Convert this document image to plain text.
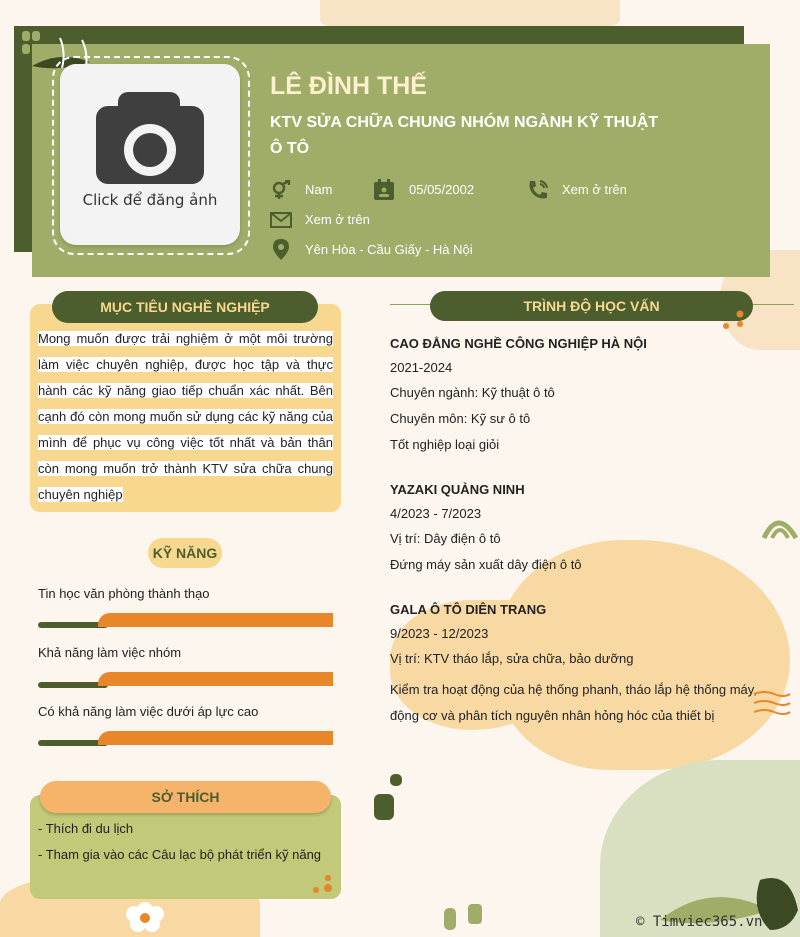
Click để đăng ảnh
LÊ ĐÌNH THẾ
KTV SỬA CHỮA CHUNG NHÓM NGÀNH KỸ THUẬT Ô TÔ
Nam	05/05/2002	Xem ở trên
Xem ở trên
Yên Hòa - Cầu Giấy - Hà Nội
MỤC TIÊU NGHỀ NGHIỆP
Mong muốn được trải nghiệm ở một môi trường làm việc chuyên nghiệp, được học tập và thực hành các kỹ năng giao tiếp chuẩn xác nhất. Bên cạnh đó còn mong muốn sử dụng các kỹ năng của mình để phục vụ công việc tốt nhất và bản thân còn mong muốn trở thành KTV sửa chữa chung chuyên nghiệp
KỸ NĂNG
Tin học văn phòng thành thạo
Khả năng làm việc nhóm
Có khả năng làm việc dưới áp lực cao
SỞ THÍCH
- Thích đi du lịch
- Tham gia vào các Câu lạc bộ phát triển kỹ năng
TRÌNH ĐỘ HỌC VẤN
CAO ĐẲNG NGHỀ CÔNG NGHIỆP HÀ NỘI
2021-2024
Chuyên ngành: Kỹ thuật ô tô
Chuyên môn: Kỹ sư ô tô
Tốt nghiệp loại giỏi
YAZAKI QUẢNG NINH
4/2023 - 7/2023
Vị trí: Dây điện ô tô
Đứng máy sản xuất dây điện ô tô
GALA Ô TÔ DIÊN TRANG
9/2023 - 12/2023
Vị trí: KTV tháo lắp, sửa chữa, bảo dưỡng
Kiểm tra hoạt động của hệ thống phanh, tháo lắp hệ thống máy, động cơ và phân tích nguyên nhân hỏng hóc của thiết bị
© Timviec365.vn
